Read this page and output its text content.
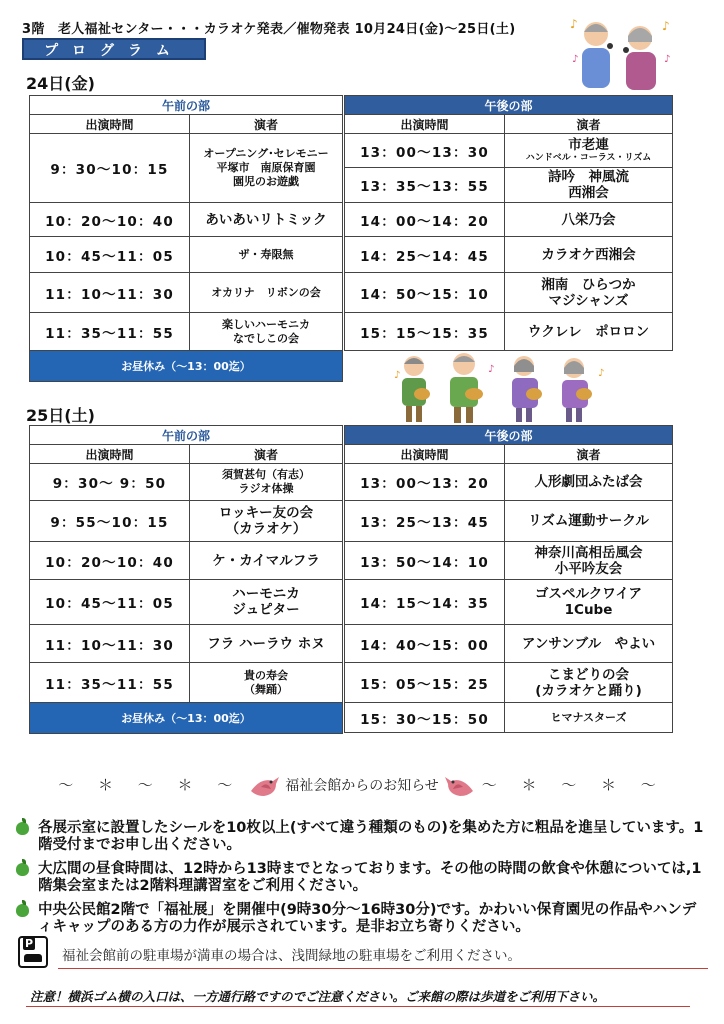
3階　老人福祉センター・・・カラオケ発表／催物発表 10月24日(金)～25日(土)
プログラム
♪	♪
♪	♪
24日(金)
午前の部	
出演時間	演者
9：30～10：15	オープニング･セレモニー
平塚市　南原保育園
園児のお遊戯

10：20～10：40	あいあいリトミック
10：45～11：05	ザ・寿限無
11：10～11：30	オカリナ　リボンの会
11：35～11：55	楽しいハーモニカ
なでしこの会

お昼休み（～13：00迄）	
午後の部	
出演時間	演者
13：00～13：30	市老連
ハンドベル・コーラス・リズム

13：35～13：55	詩吟　神風流
西湘会

14：00～14：20	八栄乃会
14：25～14：45	カラオケ西湘会
14：50～15：10	湘南　ひらつか
マジシャンズ

15：15～15：35	ウクレレ　ポロロン
♪
♪	♪
25日(土)
午前の部	
出演時間	演者
9：30～ 9：50	須賀甚句（有志）
ラジオ体操

9：55～10：15	ロッキー友の会
（カラオケ）

10：20～10：40	ケ・カイマルフラ
10：45～11：05	ハーモニカ
ジュピター

11：10～11：30	フラ ハーラウ ホヌ
11：35～11：55	貴の寿会
（舞踊）

お昼休み（～13：00迄）	
午後の部	
出演時間	演者
13：00～13：20	人形劇団ふたば会
13：25～13：45	リズム運動サークル
13：50～14：10	神奈川高相岳風会
小平吟友会

14：15～14：35	ゴスペルクワイア
1Cube

14：40～15：00	アンサンブル　やよい
15：05～15：25	こまどりの会
(カラオケと踊り)

15：30～15：50	ヒマナスターズ
～ ＊ ～ ＊ ～	福祉会館からのお知らせ	～ ＊ ～ ＊ ～
各展示室に設置したシールを10枚以上(すべて違う種類のもの)を集めた方に粗品を進呈しています。1階受付までお申し出ください。
大広間の昼食時間は、12時から13時までとなっております。その他の時間の飲食や休憩については,1階集会室または2階料理講習室をご利用ください。
中央公民館2階で「福祉展」を開催中(9時30分～16時30分)です。かわいい保育園児の作品やハンディキャップのある方の力作が展示されています。是非お立ち寄りください。
P
福祉会館前の駐車場が満車の場合は、浅間緑地の駐車場をご利用ください。
注意！横浜ゴム横の入口は、一方通行路ですのでご注意ください。ご来館の際は歩道をご利用下さい。
